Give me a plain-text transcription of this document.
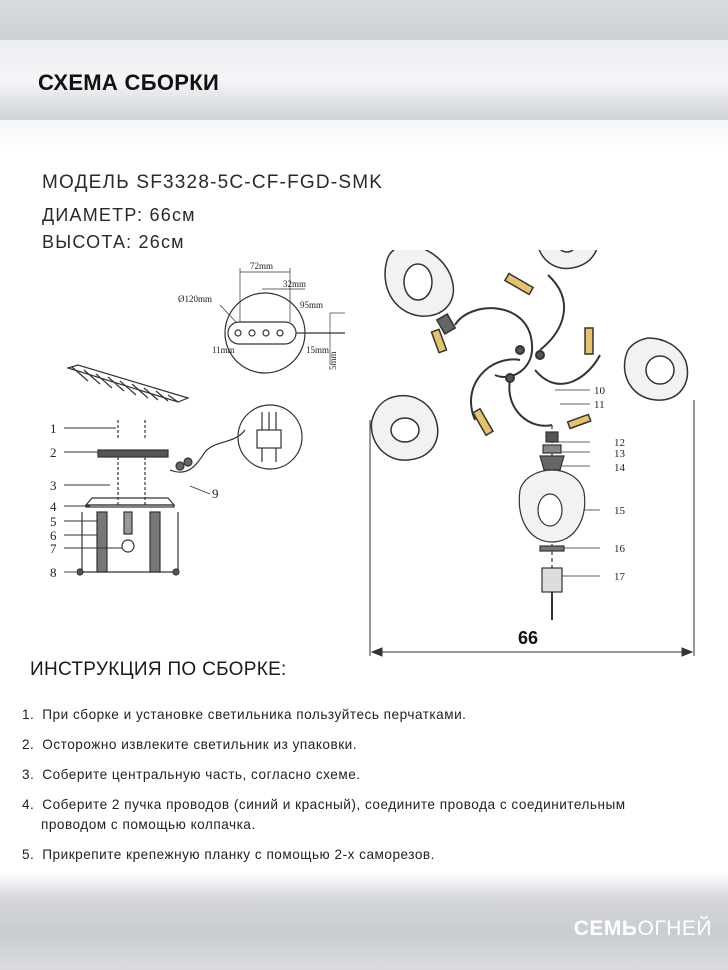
СХЕМА СБОРКИ
МОДЕЛЬ SF3328-5C-CF-FGD-SMK
ДИАМЕТР: 66см
ВЫСОТА: 26см
72mm
32mm
Ø120mm
95mm
11mm	15mm
5mm
1
2
3
4
5
6
7
8
9
10
11
12
13
14
15
16
17
66
ИНСТРУКЦИЯ ПО СБОРКЕ:
1. При сборке и установке светильника пользуйтесь перчатками.
2. Осторожно извлеките светильник из упаковки.
3. Соберите центральную часть, согласно схеме.
4. Соберите 2 пучка проводов (синий и красный), соедините провода с соединительным
проводом с помощью колпачка.
5. Прикрепите крепежную планку с помощью 2-х саморезов.
СЕМЬОГНЕЙ
